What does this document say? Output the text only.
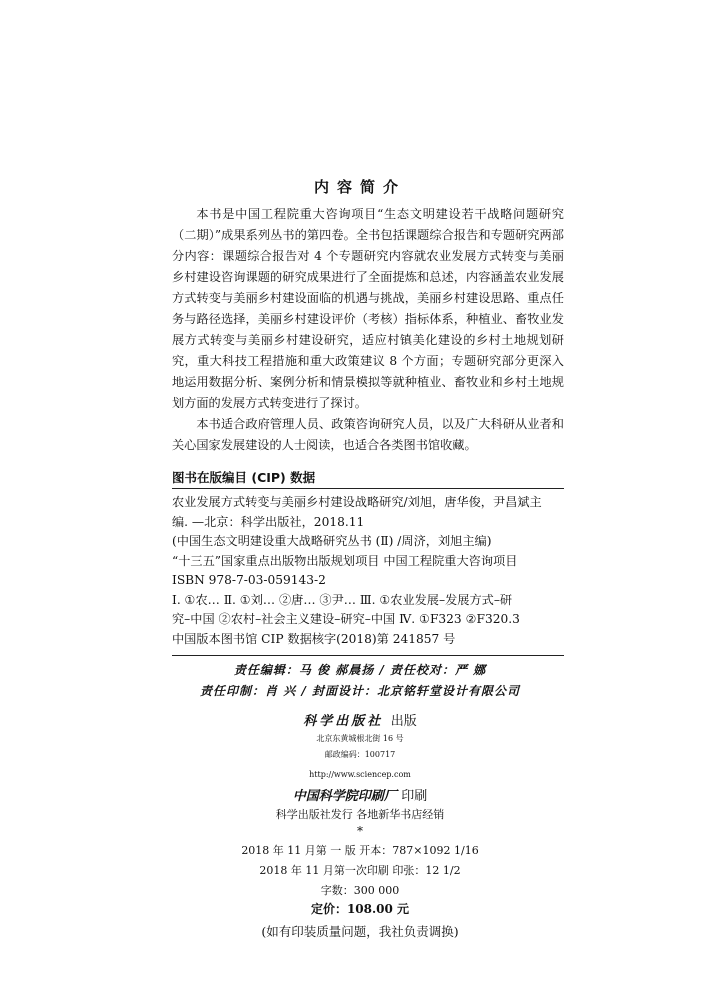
内容简介

本书是中国工程院重大咨询项目“生态文明建设若干战略问题研究（二期）”成果系列丛书的第四卷。全书包括课题综合报告和专题研究两部分内容：课题综合报告对 4 个专题研究内容就农业发展方式转变与美丽乡村建设咨询课题的研究成果进行了全面提炼和总述，内容涵盖农业发展方式转变与美丽乡村建设面临的机遇与挑战，美丽乡村建设思路、重点任务与路径选择，美丽乡村建设评价（考核）指标体系，种植业、畜牧业发展方式转变与美丽乡村建设研究，适应村镇美化建设的乡村土地规划研究，重大科技工程措施和重大政策建议 8 个方面；专题研究部分更深入地运用数据分析、案例分析和情景模拟等就种植业、畜牧业和乡村土地规划方面的发展方式转变进行了探讨。

本书适合政府管理人员、政策咨询研究人员，以及广大科研从业者和关心国家发展建设的人士阅读，也适合各类图书馆收藏。

图书在版编目 (CIP) 数据
农业发展方式转变与美丽乡村建设战略研究/刘旭，唐华俊，尹昌斌主
编. —北京：科学出版社，2018.11
(中国生态文明建设重大战略研究丛书 (Ⅱ) /周济，刘旭主编)
“十三五”国家重点出版物出版规划项目 中国工程院重大咨询项目
ISBN 978-7-03-059143-2
Ⅰ. ①农… Ⅱ. ①刘… ②唐… ③尹… Ⅲ. ①农业发展–发展方式–研
究–中国 ②农村–社会主义建设–研究–中国 Ⅳ. ①F323 ②F320.3
中国版本图书馆 CIP 数据核字(2018)第 241857 号
责任编辑：马 俊 郝晨扬 / 责任校对：严 娜
责任印制：肖 兴 / 封面设计：北京铭轩堂设计有限公司
科学出版社 出版
北京东黄城根北街 16 号
邮政编码：100717
http://www.sciencep.com
中国科学院印刷厂 印刷
科学出版社发行 各地新华书店经销
*
2018 年 11 月第 一 版 开本：787×1092 1/16
2018 年 11 月第一次印刷 印张：12 1/2
字数：300 000
定价：108.00 元
(如有印装质量问题，我社负责调换)
